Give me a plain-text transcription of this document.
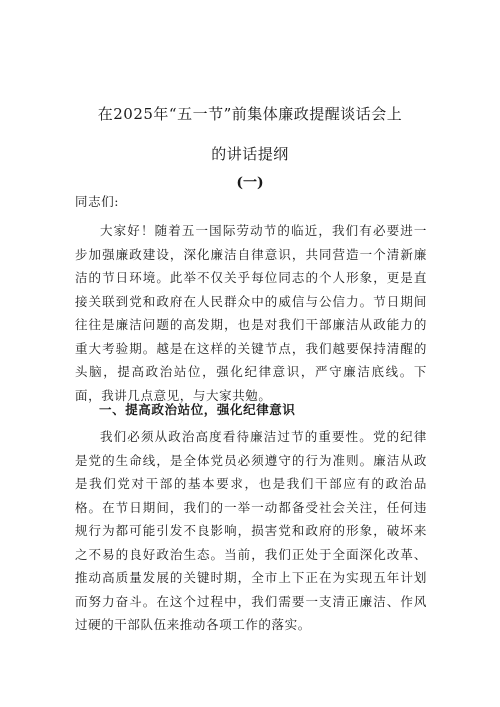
在2025年“五一节”前集体廉政提醒谈话会上
的讲话提纲
(一)
同志们:
大家好！随着五一国际劳动节的临近，我们有必要进一步加强廉政建设，深化廉洁自律意识，共同营造一个清新廉洁的节日环境。此举不仅关乎每位同志的个人形象，更是直接关联到党和政府在人民群众中的威信与公信力。节日期间往往是廉洁问题的高发期，也是对我们干部廉洁从政能力的重大考验期。越是在这样的关键节点，我们越要保持清醒的头脑，提高政治站位，强化纪律意识，严守廉洁底线。下面，我讲几点意见，与大家共勉。
一、提高政治站位，强化纪律意识
我们必须从政治高度看待廉洁过节的重要性。党的纪律是党的生命线，是全体党员必须遵守的行为准则。廉洁从政是我们党对干部的基本要求，也是我们干部应有的政治品格。在节日期间，我们的一举一动都备受社会关注，任何违规行为都可能引发不良影响，损害党和政府的形象，破坏来之不易的良好政治生态。当前，我们正处于全面深化改革、推动高质量发展的关键时期，全市上下正在为实现五年计划而努力奋斗。在这个过程中，我们需要一支清正廉洁、作风过硬的干部队伍来推动各项工作的落实。
